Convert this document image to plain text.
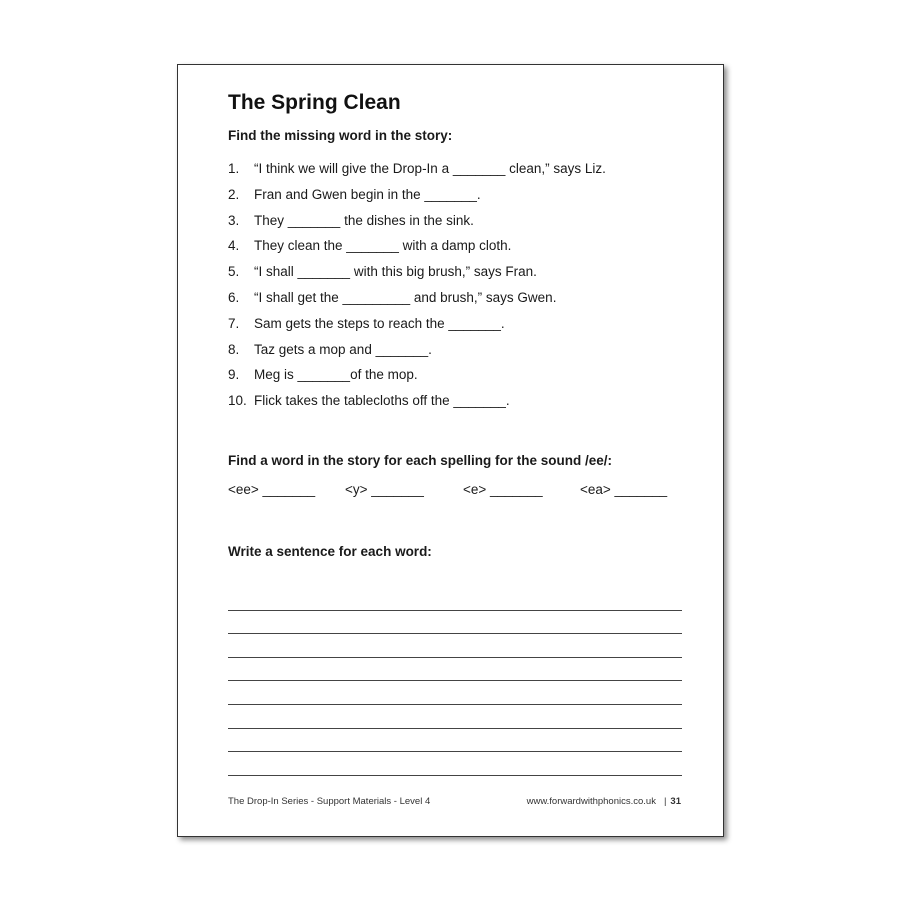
The Spring Clean

Find the missing word in the story:

1. “I think we will give the Drop-In a _______ clean,” says Liz.
2. Fran and Gwen begin in the _______.
3. They _______ the dishes in the sink.
4. They clean the _______ with a damp cloth.
5. “I shall _______ with this big brush,” says Fran.
6. “I shall get the _________ and brush,” says Gwen.
7. Sam gets the steps to reach the _______.
8. Taz gets a mop and _______.
9. Meg is _______of the mop.
10. Flick takes the tablecloths off the _______.

Find a word in the story for each spelling for the sound /ee/:

<ee> _______ <y> _______	<e> _______	<ea> _______

Write a sentence for each word:

The Drop-In Series - Support Materials - Level 4	www.forwardwithphonics.co.uk | 31
